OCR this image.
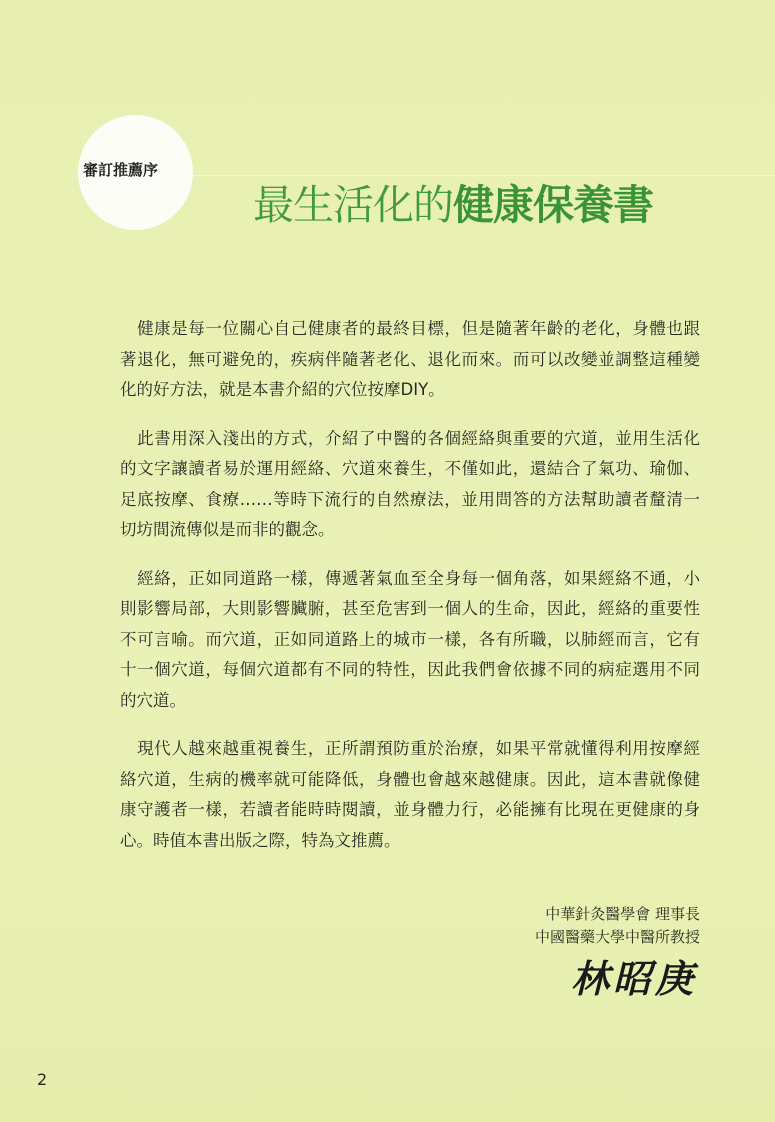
審訂推薦序
最生活化的健康保養書
　健康是每一位關心自己健康者的最終目標，但是隨著年齡的老化，身體也跟
著退化，無可避免的，疾病伴隨著老化、退化而來。而可以改變並調整這種變
化的好方法，就是本書介紹的穴位按摩DIY。
　此書用深入淺出的方式，介紹了中醫的各個經絡與重要的穴道，並用生活化
的文字讓讀者易於運用經絡、穴道來養生，不僅如此，還結合了氣功、瑜伽、
足底按摩、食療……等時下流行的自然療法，並用問答的方法幫助讀者釐清一
切坊間流傳似是而非的觀念。
　經絡，正如同道路一樣，傳遞著氣血至全身每一個角落，如果經絡不通，小
則影響局部，大則影響臟腑，甚至危害到一個人的生命，因此，經絡的重要性
不可言喻。而穴道，正如同道路上的城市一樣，各有所職，以肺經而言，它有
十一個穴道，每個穴道都有不同的特性，因此我們會依據不同的病症選用不同
的穴道。
　現代人越來越重視養生，正所謂預防重於治療，如果平常就懂得利用按摩經
絡穴道，生病的機率就可能降低，身體也會越來越健康。因此，這本書就像健
康守護者一樣，若讀者能時時閱讀，並身體力行，必能擁有比現在更健康的身
心。時值本書出版之際，特為文推薦。
中華針灸醫學會 理事長
中國醫藥大學中醫所教授
林昭庚
2
